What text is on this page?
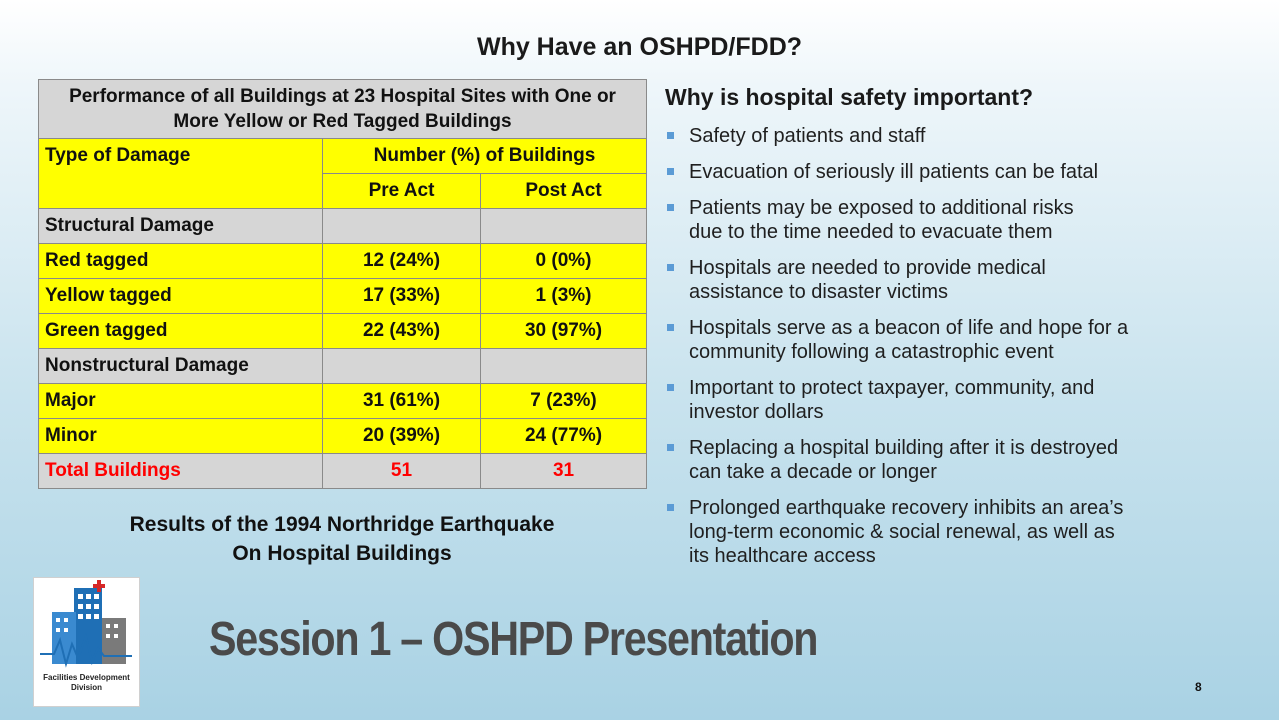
Why Have an OSHPD/FDD?
Performance of all Buildings at 23 Hospital Sites with One or More Yellow or Red Tagged Buildings		
Type of Damage	Number (%) of Buildings	
	Pre Act	Post Act
Structural Damage		
Red tagged	12 (24%)	0 (0%)
Yellow tagged	17 (33%)	1 (3%)
Green tagged	22 (43%)	30 (97%)
Nonstructural Damage		
Major	31 (61%)	7 (23%)
Minor	20 (39%)	24 (77%)
Total Buildings	51	31
Results of the 1994 Northridge Earthquake
On Hospital Buildings
Why is hospital safety important?
Safety of patients and staff
Evacuation of seriously ill patients can be fatal
Patients may be exposed to additional risks
due to the time needed to evacuate them
Hospitals are needed to provide medical
assistance to disaster victims
Hospitals serve as a beacon of life and hope for a
community following a catastrophic event
Important to protect taxpayer, community, and
investor dollars
Replacing a hospital building after it is destroyed
can take a decade or longer
Prolonged earthquake recovery inhibits an area’s
long-term economic & social renewal, as well as
its healthcare access
Facilities Development
Division
Session 1 – OSHPD Presentation
8
